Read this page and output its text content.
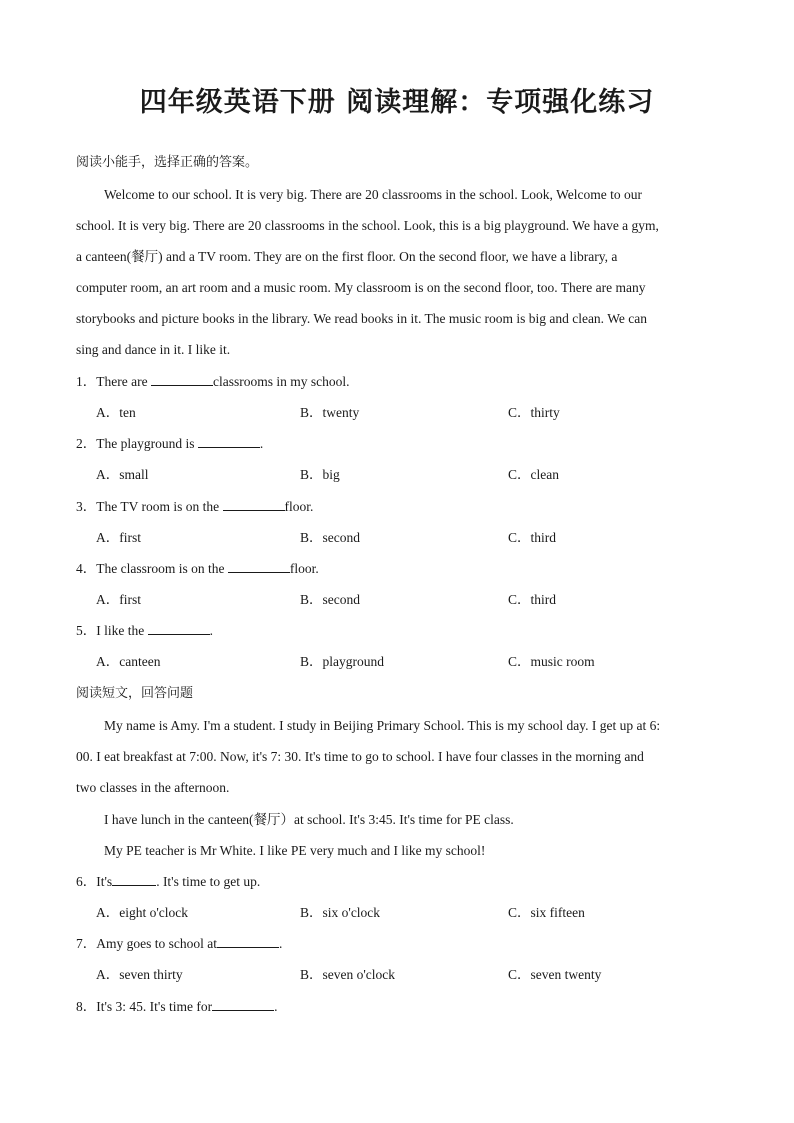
四年级英语下册 阅读理解：专项强化练习
阅读小能手，选择正确的答案。
Welcome to our school. It is very big. There are 20 classrooms in the school. Look, Welcome to our
school. It is very big. There are 20 classrooms in the school. Look, this is a big playground. We have a gym,
a canteen(餐厅) and a TV room. They are on the first floor. On the second floor, we have a library, a
computer room, an art room and a music room. My classroom is on the second floor, too. There are many
storybooks and picture books in the library. We read books in it. The music room is big and clean. We can
sing and dance in it. I like it.
1．There are	classrooms in my school.
A．ten	B．twenty	C．thirty
2．The playground is	.
A．small	B．big	C．clean
3．The TV room is on the	floor.
A．first	B．second	C．third
4．The classroom is on the	floor.
A．first	B．second	C．third
5．I like the	.
A．canteen	B．playground	C．music room
阅读短文，回答问题
My name is Amy. I'm a student. I study in Beijing Primary School. This is my school day. I get up at 6:
00. I eat breakfast at 7:00. Now, it's 7: 30. It's time to go to school. I have four classes in the morning and
two classes in the afternoon.
I have lunch in the canteen(餐厅）at school. It's 3:45. It's time for PE class.
My PE teacher is Mr White. I like PE very much and I like my school!
6．It's	. It's time to get up.
A．eight o'clock	B．six o'clock	C．six fifteen
7．Amy goes to school at	.
A．seven thirty	B．seven o'clock	C．seven twenty
8．It's 3: 45. It's time for	.
